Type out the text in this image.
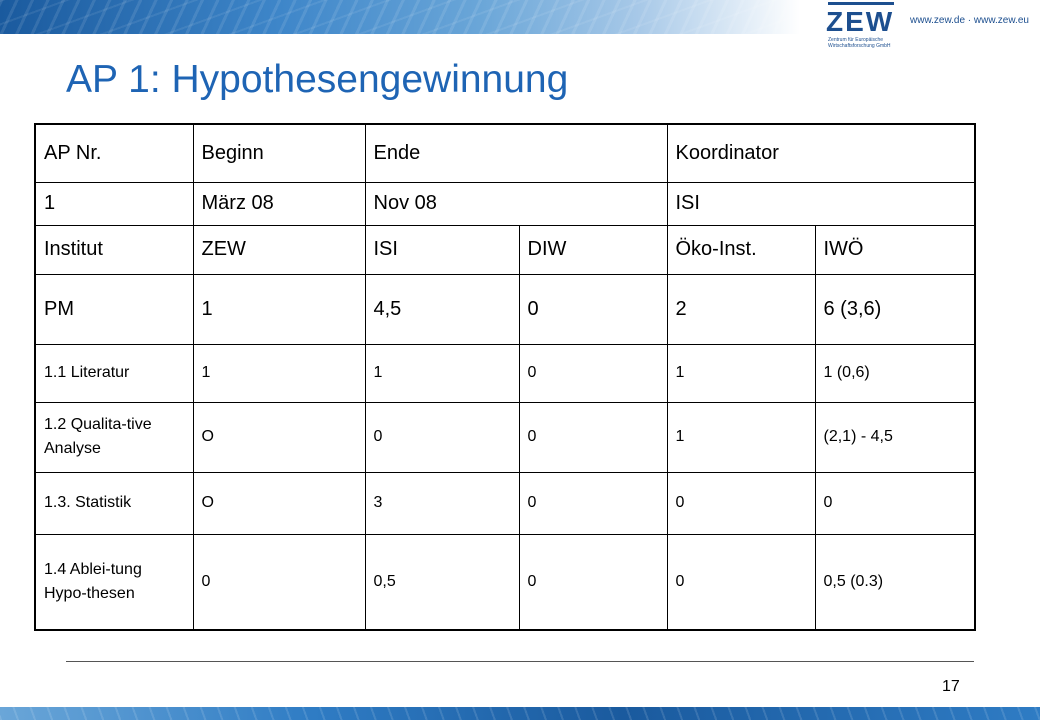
ZEW
Zentrum für Europäische Wirtschaftsforschung GmbH
www.zew.de · www.zew.eu
AP 1: Hypothesengewinnung
AP Nr.	Beginn	Ende		Koordinator	
1	März 08	Nov 08		ISI	
Institut	ZEW	ISI	DIW	Öko-Inst.	IWÖ
PM	1	4,5	0	2	6 (3,6)
1.1 Literatur	1	1	0	1	1 (0,6)
1.2 Qualita-tive Analyse	O	0	0	1	(2,1) - 4,5
1.3. Statistik	O	3	0	0	0
1.4 Ablei-tung Hypo-thesen	0	0,5	0	0	0,5 (0.3)
17
